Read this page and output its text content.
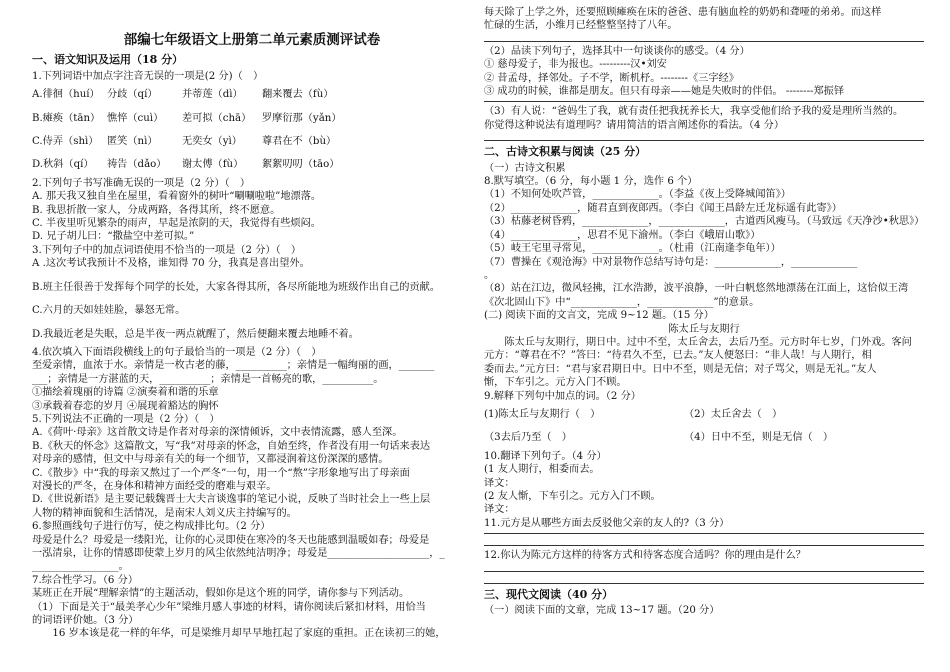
部编七年级语文上册第二单元素质测评试卷
一、语文知识及运用（18 分）
1.下列词语中加点字注音无误的一项是(2 分)（　）
A.徘徊（huí） 分歧（qí）	并蒂莲（dì）	翻来覆去（fù）
B.瘫痪（tān） 憔悴（cuì）	差可拟（chā）	罗摩衍那（yǎn）
C.侍弄（shì） 匿笑（nì）	无奕女（yì）	尊君在不（bù）
D.秋斜（qí）	祷告（dǎo）	谢太傅（fù）	絮絮叨叨（tāo）
2.下列句子书写准确无误的一项是（2 分）（　）
A. 那天我又独自坐在屋里，看着窗外的树叶“唰唰啦啦”地漂落。
B. 我思折散一家人，分成两路，各得其所，终不愿意。
C. 半夜里听见繁杂的雨声，早起是浓阴的天，我觉得有些烦闷。
D. 兄子胡儿曰：“撒盐空中差可拟。”
3.下列句子中的加点词语使用不恰当的一项是（2 分）（　）
A .这次考试我预计不及格，谁知得 70 分，我真是喜出望外。
B.班主任很善于发挥每个同学的长处，大家各得其所，各尽所能地为班级作出自己的贡献。
C.六月的天如娃娃脸，暴怒无常。
D.我最近老是失眠，总是半夜一两点就醒了，然后便翻来覆去地睡不着。
4.依次填入下面语段横线上的句子最恰当的一项是（2 分）（　）
至爱亲情，血浓于水。亲情是一枚古老的藤，__________；亲情是一幅绚丽的画，_______
___；亲情是一方湛蓝的天，__________；亲情是一首畅亮的歌，__________。
①描绘着瑰丽的诗篇 ②演奏着和谐的乐章
③承载着春恋的岁月 ④展现着豁达的胸怀
5.下列说法不正确的一项是（2 分）（　）
A.《荷叶·母亲》这首散文诗是作者对母亲的深情倾诉，文中表情流露，感人至深。
B.《秋天的怀念》这篇散文，写“我”对母亲的怀念，自始至终，作者没有用一句话来表达
对母亲的感情，但文中与母亲有关的每一个细节，又都浸润着这份深深的感情。
C.《散步》中“我的母亲又熬过了一个严冬”一句，用一个“熬”字形象地写出了母亲面
对漫长的严冬，在身体和精神方面经受的磨难与艰辛。
D.《世说新语》是主要记载魏晋士大夫言谈逸事的笔记小说，反映了当时社会上一些上层
人物的精神面貌和生活情况，是南宋人刘义庆主持编写的。
6.参照画线句子进行仿写，使之构成排比句。（2 分）
母爱是什么？母爱是一缕阳光，让你的心灵即使在寒冷的冬天也能感到温暖如春；母爱是
一泓清泉，让你的情感即使蒙上岁月的风尘依然纯洁明净；母爱是____________________，_
_________________。
7.综合性学习。（6 分）
某班正在开展“理解亲情”的主题活动，假如你是这个班的同学，请你参与下列活动。
（1）下面是关于“最美孝心少年”梁维月感人事迹的材料，请你阅读后紧扣材料，用恰当
的词语评价她。（3 分）
　　16 岁本该是花一样的年华，可是梁维月却早早地扛起了家庭的重担。正在读初三的她，
每天除了上学之外，还要照顾瘫痪在床的爸爸、患有脑血栓的奶奶和聋哑的弟弟。而这样
忙碌的生活，小维月已经整整坚持了八年。
（2）品读下列句子，选择其中一句谈谈你的感受。（4 分）
① 慈母爱子，非为报也。---------汉•刘安
② 昔孟母，择邻处。子不学，断机杼。--------《三字经》
③ 成功的时候，谁都是朋友。但只有母亲——她是失败时的伴侣。 --------郑振铎
（3）有人说：“爸妈生了我，就有责任把我抚养长大，我享受他们给予我的爱是理所当然的。
你觉得这种说法有道理吗？请用简洁的语言阐述你的看法。（4 分）
二、古诗文积累与阅读（25 分）
（一）古诗文积累
8.默写填空。（6 分，每小题 1 分，选作 6 个）
（1）不知何处吹芦管，_____________。（李益《夜上受降城闻笛》）
（2）_____________，随君直到夜郎西。（李白《闻王昌龄左迁龙标遥有此寄》）
（3）枯藤老树昏鸦，_____________，_____________，古道西风瘦马。（马致远《天净沙•秋思》）
（4）_____________，思君不见下渝州。（李白《峨眉山歌》）
（5）岐王宅里寻常见，_____________。（杜甫（江南逢李龟年））
（7）曹操在《观沧海》中对景物作总结写诗句是：_____________，_____________
。
（8）站在江边，微风轻拂，江水浩渺，波平浪静，一叶白帆悠然地漂荡在江面上，这恰似王湾
《次北固山下》中“_____________，_____________”的意景。
(二) 阅读下面的文言文，完成 9~12 题。（15 分）
陈太丘与友期行
　　陈太丘与友期行，期日中。过中不至，太丘舍去，去后乃至。元方时年七岁，门外戏。客问
元方：“尊君在不？”答曰：“待君久不至，已去。”友人便怒曰：“非人哉！与人期行，相
委而去。”元方曰：“君与家君期日中。日中不至，则是无信；对子骂父，则是无礼。”友人
惭，下车引之。元方入门不顾。
9.解释下列句中加点的词。（2 分）
(1)陈太丘与友期行（　）	（2）太丘舍去（　）
（3去后乃至（　）	（4）日中不至，则是无信（　）
10.翻译下列句子。（4 分）
(1 友人期行，相委而去。
译文：
(2 友人惭，下车引之。元方入门不顾。
译文：
11.元方是从哪些方面去反驳他父亲的友人的?（3 分）
12.你认为陈元方这样的待客方式和待客态度合适吗？你的理由是什么？
三、现代文阅读（40 分）
（一）阅读下面的文章，完成 13~17 题。（20 分）
